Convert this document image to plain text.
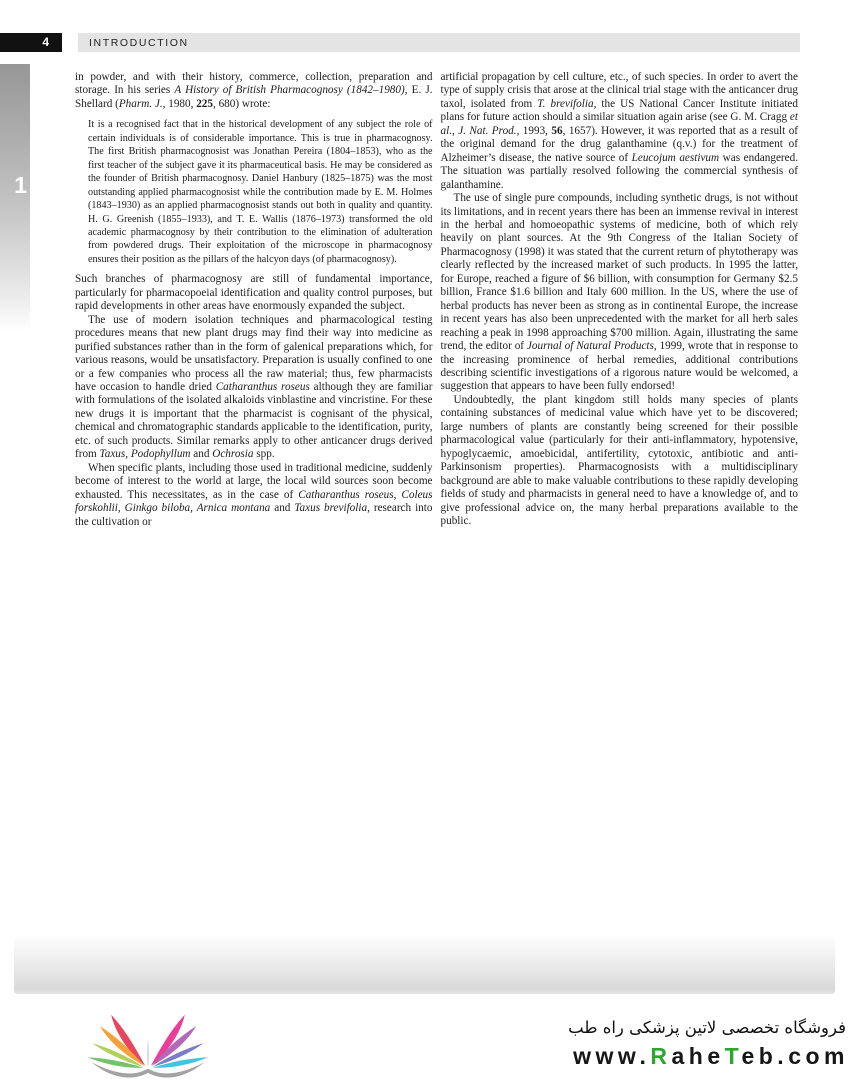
4	INTRODUCTION
1

in powder, and with their history, commerce, collection, preparation and storage. In his series A History of British Pharmacognosy (1842–1980), E. J. Shellard (Pharm. J., 1980, 225, 680) wrote:

It is a recognised fact that in the historical development of any subject the role of certain individuals is of considerable importance. This is true in pharmacognosy. The first British pharmacognosist was Jonathan Pereira (1804–1853), who as the first teacher of the subject gave it its pharmaceutical basis. He may be considered as the founder of British pharmacognosy. Daniel Hanbury (1825–1875) was the most outstanding applied pharmacognosist while the contribution made by E. M. Holmes (1843–1930) as an applied pharmacognosist stands out both in quality and quantity. H. G. Greenish (1855–1933), and T. E. Wallis (1876–1973) transformed the old academic pharmacognosy by their contribution to the elimination of adulteration from powdered drugs. Their exploitation of the microscope in pharmacognosy ensures their position as the pillars of the halcyon days (of pharmacognosy).

Such branches of pharmacognosy are still of fundamental importance, particularly for pharmacopoeial identification and quality control purposes, but rapid developments in other areas have enormously expanded the subject.

The use of modern isolation techniques and pharmacological testing procedures means that new plant drugs may find their way into medicine as purified substances rather than in the form of galenical preparations which, for various reasons, would be unsatisfactory. Preparation is usually confined to one or a few companies who process all the raw material; thus, few pharmacists have occasion to handle dried Catharanthus roseus although they are familiar with formulations of the isolated alkaloids vinblastine and vincristine. For these new drugs it is important that the pharmacist is cognisant of the physical, chemical and chromatographic standards applicable to the identification, purity, etc. of such products. Similar remarks apply to other anticancer drugs derived from Taxus, Podophyllum and Ochrosia spp.

When specific plants, including those used in traditional medicine, suddenly become of interest to the world at large, the local wild sources soon become exhausted. This necessitates, as in the case of Catharanthus roseus, Coleus forskohlii, Ginkgo biloba, Arnica montana and Taxus brevifolia, research into the cultivation or

artificial propagation by cell culture, etc., of such species. In order to avert the type of supply crisis that arose at the clinical trial stage with the anticancer drug taxol, isolated from T. brevifolia, the US National Cancer Institute initiated plans for future action should a similar situation again arise (see G. M. Cragg et al., J. Nat. Prod., 1993, 56, 1657). However, it was reported that as a result of the original demand for the drug galanthamine (q.v.) for the treatment of Alzheimer’s disease, the native source of Leucojum aestivum was endangered. The situation was partially resolved following the commercial synthesis of galanthamine.

The use of single pure compounds, including synthetic drugs, is not without its limitations, and in recent years there has been an immense revival in interest in the herbal and homoeopathic systems of medicine, both of which rely heavily on plant sources. At the 9th Congress of the Italian Society of Pharmacognosy (1998) it was stated that the current return of phytotherapy was clearly reflected by the increased market of such products. In 1995 the latter, for Europe, reached a figure of $6 billion, with consumption for Germany $2.5 billion, France $1.6 billion and Italy 600 million. In the US, where the use of herbal products has never been as strong as in continental Europe, the increase in recent years has also been unprecedented with the market for all herb sales reaching a peak in 1998 approaching $700 million. Again, illustrating the same trend, the editor of Journal of Natural Products, 1999, wrote that in response to the increasing prominence of herbal remedies, additional contributions describing scientific investigations of a rigorous nature would be welcomed, a suggestion that appears to have been fully endorsed!

Undoubtedly, the plant kingdom still holds many species of plants containing substances of medicinal value which have yet to be discovered; large numbers of plants are constantly being screened for their possible pharmacological value (particularly for their anti-inflammatory, hypotensive, hypoglycaemic, amoebicidal, antifertility, cytotoxic, antibiotic and anti-Parkinsonism properties). Pharmacognosists with a multidisciplinary background are able to make valuable contributions to these rapidly developing fields of study and pharmacists in general need to have a knowledge of, and to give professional advice on, the many herbal preparations available to the public.

فروشگاه تخصصی لاتین پزشکی راه طب
www.RaheTeb.com
